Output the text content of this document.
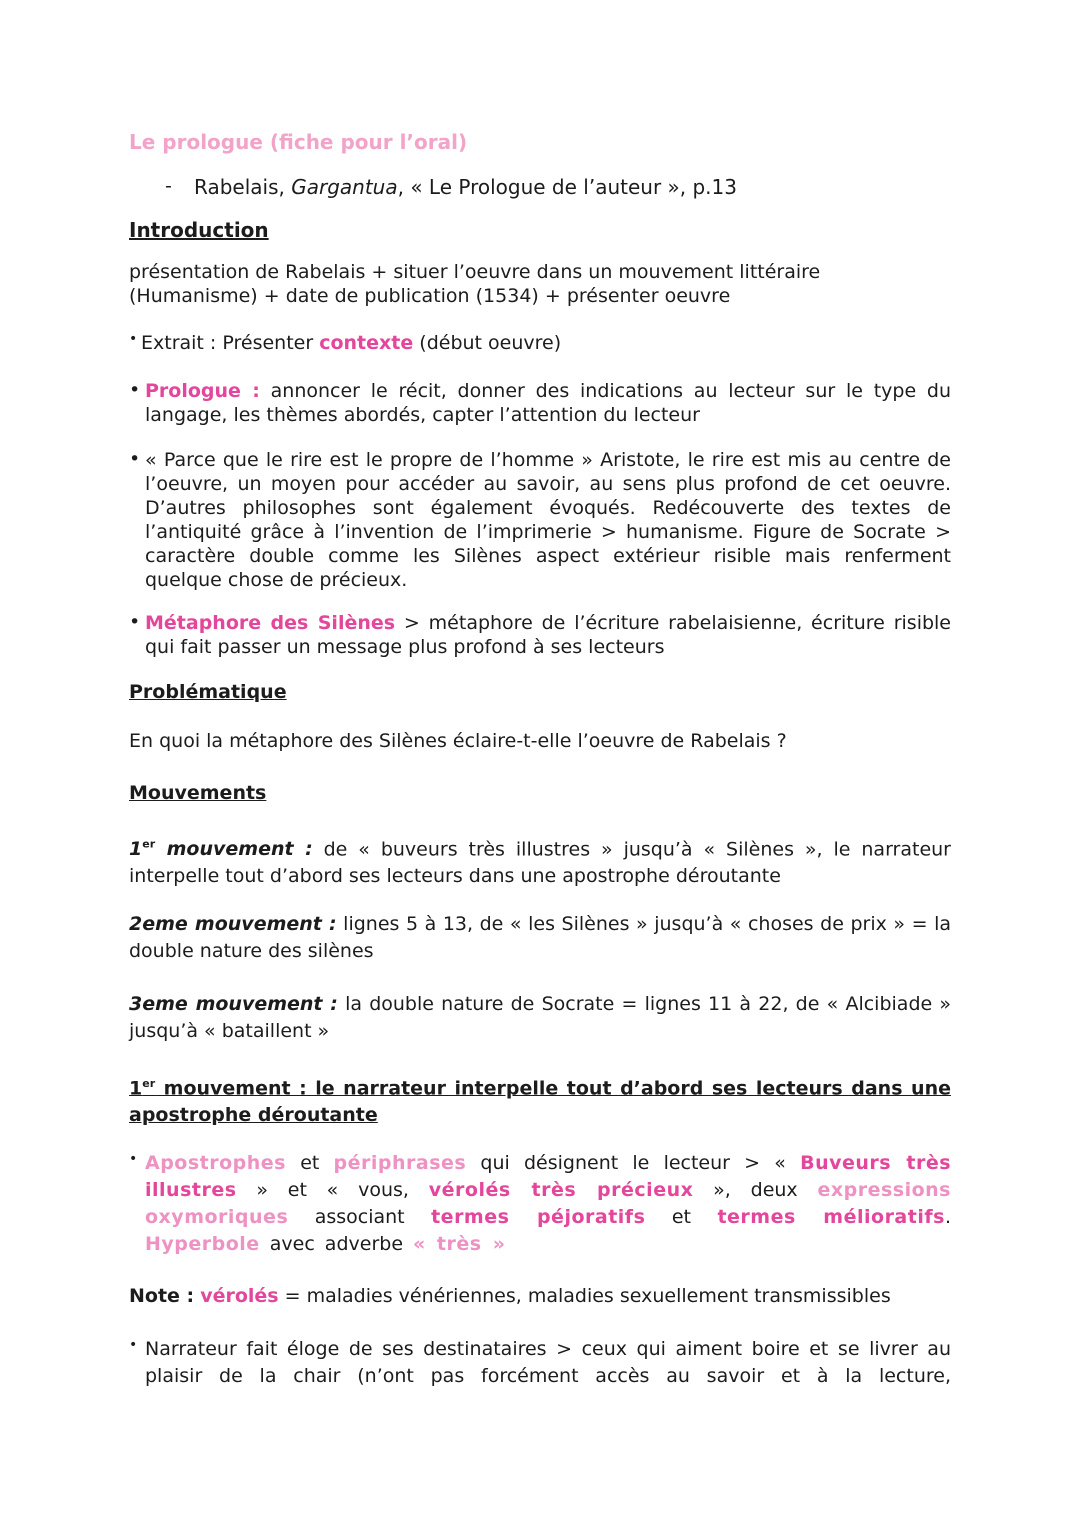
Le prologue (fiche pour l’oral)
- Rabelais, Gargantua, « Le Prologue de l’auteur », p.13
Introduction
présentation de Rabelais + situer l’oeuvre dans un mouvement littéraire (Humanisme) + date de publication (1534) + présenter oeuvre
• Extrait : Présenter contexte (début oeuvre)
• Prologue : annoncer le récit, donner des indications au lecteur sur le type du langage, les thèmes abordés, capter l’attention du lecteur
• « Parce que le rire est le propre de l’homme » Aristote, le rire est mis au centre de l’oeuvre, un moyen pour accéder au savoir, au sens plus profond de cet oeuvre. D’autres philosophes sont également évoqués. Redécouverte des textes de l’antiquité grâce à l’invention de l’imprimerie > humanisme. Figure de Socrate > caractère double comme les Silènes aspect extérieur risible mais renferment quelque chose de précieux.
• Métaphore des Silènes > métaphore de l’écriture rabelaisienne, écriture risible qui fait passer un message plus profond à ses lecteurs
Problématique
En quoi la métaphore des Silènes éclaire-t-elle l’oeuvre de Rabelais ?
Mouvements
1er mouvement : de « buveurs très illustres » jusqu’à « Silènes », le narrateur interpelle tout d’abord ses lecteurs dans une apostrophe déroutante
2eme mouvement : lignes 5 à 13, de « les Silènes » jusqu’à « choses de prix » = la double nature des silènes
3eme mouvement : la double nature de Socrate = lignes 11 à 22, de « Alcibiade » jusqu’à « bataillent »
1er mouvement : le narrateur interpelle tout d’abord ses lecteurs dans une apostrophe déroutante
• Apostrophes et périphrases qui désignent le lecteur > « Buveurs très illustres » et « vous, vérolés très précieux », deux expressions oxymoriques associant termes péjoratifs et termes mélioratifs. Hyperbole avec adverbe « très »
Note : vérolés = maladies vénériennes, maladies sexuellement transmissibles
• Narrateur fait éloge de ses destinataires > ceux qui aiment boire et se livrer au plaisir de la chair (n’ont pas forcément accès au savoir et à la lecture,
